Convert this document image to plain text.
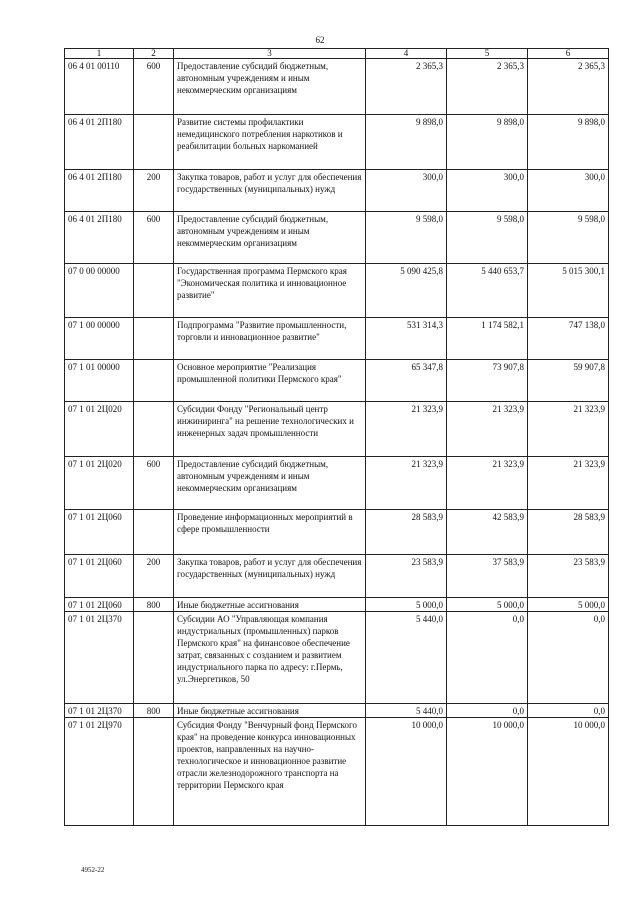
62
1	2	3	4	5	6
06 4 01 00110	600	Предоставление субсидий бюджетным, автономным учреждениям и иным некоммерческим организациям	2 365,3	2 365,3	2 365,3
06 4 01 2П180		Развитие системы профилактики немедицинского потребления наркотиков и реабилитации больных наркоманией	9 898,0	9 898,0	9 898,0
06 4 01 2П180	200	Закупка товаров, работ и услуг для обеспечения государственных (муниципальных) нужд	300,0	300,0	300,0
06 4 01 2П180	600	Предоставление субсидий бюджетным, автономным учреждениям и иным некоммерческим организациям	9 598,0	9 598,0	9 598,0
07 0 00 00000		Государственная программа Пермского края "Экономическая политика и инновационное развитие"	5 090 425,8	5 440 653,7	5 015 300,1
07 1 00 00000		Подпрограмма "Развитие промышленности, торговли и инновационное развитие"	531 314,3	1 174 582,1	747 138,0
07 1 01 00000		Основное мероприятие "Реализация промышленной политики Пермского края"	65 347,8	73 907,8	59 907,8
07 1 01 2Ц020		Субсидии Фонду "Региональный центр инжиниринга" на решение технологических и инженерных задач промышленности	21 323,9	21 323,9	21 323,9
07 1 01 2Ц020	600	Предоставление субсидий бюджетным, автономным учреждениям и иным некоммерческим организациям	21 323,9	21 323,9	21 323,9
07 1 01 2Ц060		Проведение информационных мероприятий в сфере промышленности	28 583,9	42 583,9	28 583,9
07 1 01 2Ц060	200	Закупка товаров, работ и услуг для обеспечения государственных (муниципальных) нужд	23 583,9	37 583,9	23 583,9
07 1 01 2Ц060	800	Иные бюджетные ассигнования	5 000,0	5 000,0	5 000,0
07 1 01 2Ц370		Субсидии АО "Управляющая компания индустриальных (промышленных) парков Пермского края" на финансовое обеспечение затрат, связанных с созданием и развитием индустриального парка по адресу: г.Пермь, ул.Энергетиков, 50	5 440,0	0,0	0,0
07 1 01 2Ц370	800	Иные бюджетные ассигнования	5 440,0	0,0	0,0
07 1 01 2Ц970		Субсидия Фонду "Венчурный фонд Пермского края" на проведение конкурса инновационных проектов, направленных на научно-технологическое и инновационное развитие отрасли железнодорожного транспорта на территории Пермского края	10 000,0	10 000,0	10 000,0
4952-22
